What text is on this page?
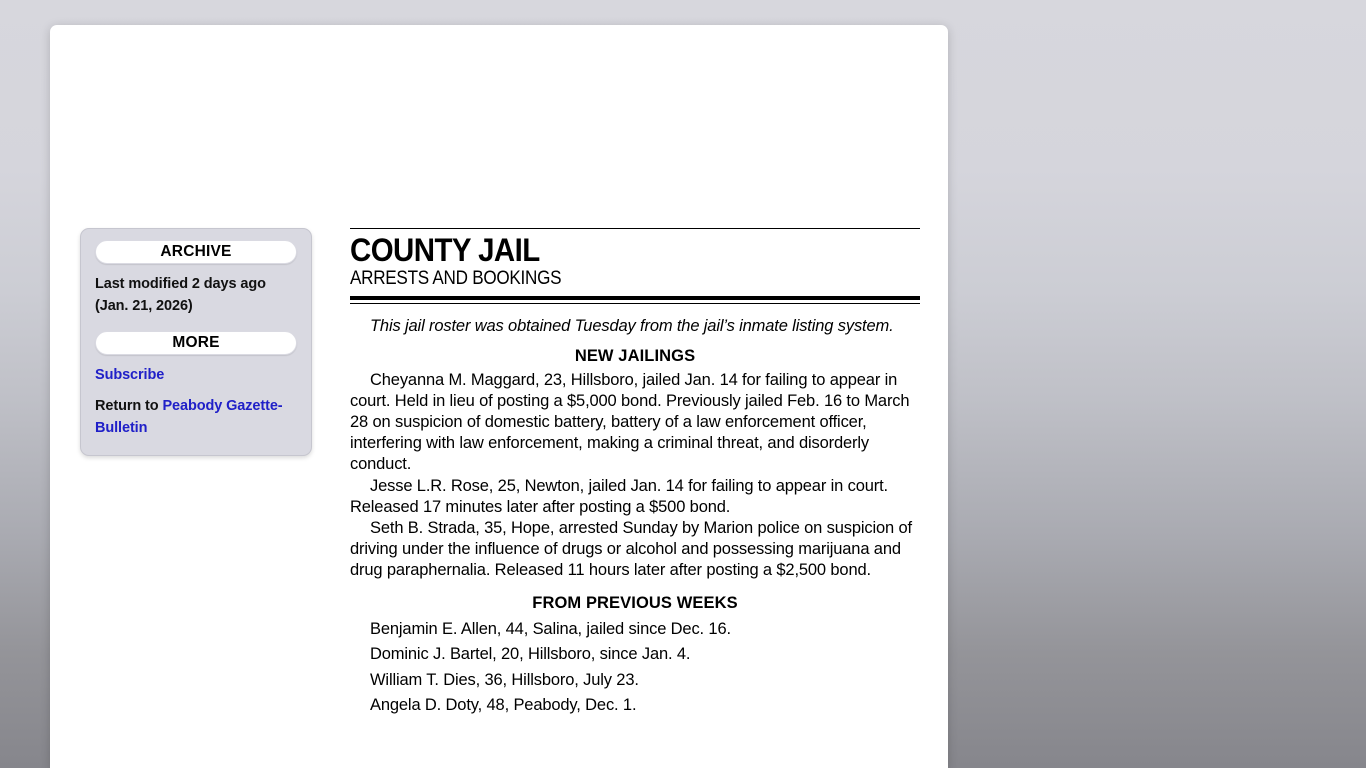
ARCHIVE
Last modified 2 days ago (Jan. 21, 2026)
MORE
Subscribe
Return to Peabody Gazette-Bulletin
COUNTY JAIL
ARRESTS AND BOOKINGS
This jail roster was obtained Tuesday from the jail’s inmate listing system.
NEW JAILINGS

Cheyanna M. Maggard, 23, Hillsboro, jailed Jan. 14 for failing to appear in court. Held in lieu of posting a $5,000 bond. Previously jailed Feb. 16 to March 28 on suspicion of domestic battery, battery of a law enforcement officer, interfering with law enforcement, making a criminal threat, and disorderly conduct.

Jesse L.R. Rose, 25, Newton, jailed Jan. 14 for failing to appear in court. Released 17 minutes later after posting a $500 bond.

Seth B. Strada, 35, Hope, arrested Sunday by Marion police on suspicion of driving under the influence of drugs or alcohol and possessing marijuana and drug paraphernalia. Released 11 hours later after posting a $2,500 bond.

FROM PREVIOUS WEEKS

Benjamin E. Allen, 44, Salina, jailed since Dec. 16.

Dominic J. Bartel, 20, Hillsboro, since Jan. 4.

William T. Dies, 36, Hillsboro, July 23.

Angela D. Doty, 48, Peabody, Dec. 1.
